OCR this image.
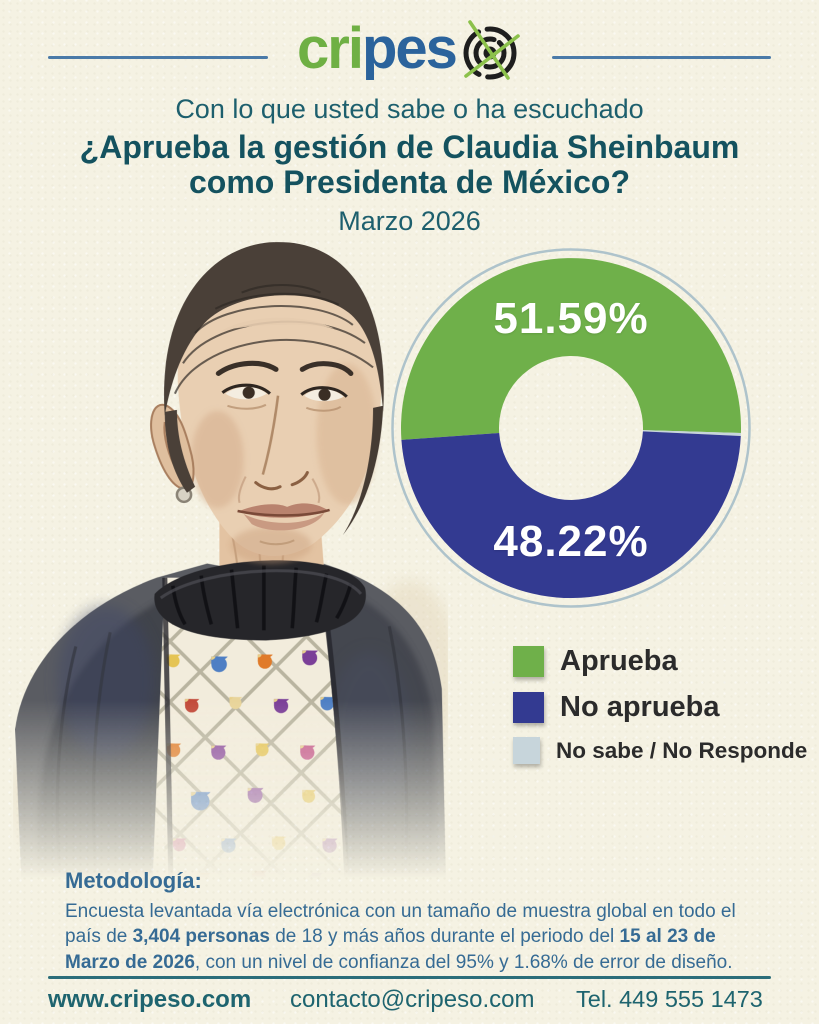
cri pes
Con lo que usted sabe o ha escuchado
¿Aprueba la gestión de Claudia Sheinbaum
como Presidenta de México?
Marzo 2026
51.59%
48.22%
Aprueba
No aprueba
No sabe / No Responde
Metodología:
Encuesta levantada vía electrónica con un tamaño de muestra global en todo el país de 3,404 personas de 18 y más años durante el periodo del 15 al 23 de Marzo de 2026, con un nivel de confianza del 95% y 1.68% de error de diseño.
www.cripeso.com contacto@cripeso.com Tel. 449 555 1473
